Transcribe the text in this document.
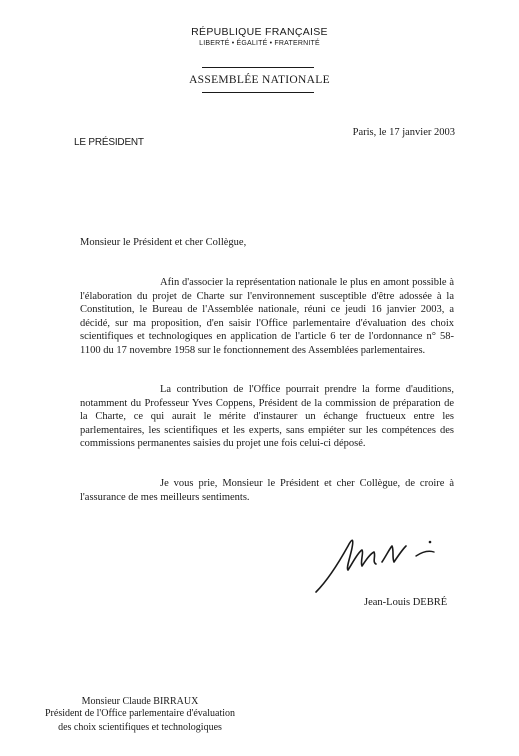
RÉPUBLIQUE FRANÇAISE
LIBERTÉ • ÉGALITÉ • FRATERNITÉ
ASSEMBLÉE NATIONALE
LE PRÉSIDENT
Paris, le 17 janvier 2003
Monsieur le Président et cher Collègue,

Afin d'associer la représentation nationale le plus en amont possible à l'élaboration du projet de Charte sur l'environnement susceptible d'être adossée à la Constitution, le Bureau de l'Assemblée nationale, réuni ce jeudi 16 janvier 2003, a décidé, sur ma proposition, d'en saisir l'Office parlementaire d'évaluation des choix scientifiques et technologiques en application de l'article 6 ter de l'ordonnance n° 58-1100 du 17 novembre 1958 sur le fonctionnement des Assemblées parlementaires.

La contribution de l'Office pourrait prendre la forme d'auditions, notamment du Professeur Yves Coppens, Président de la commission de préparation de la Charte, ce qui aurait le mérite d'instaurer un échange fructueux entre les parlementaires, les scientifiques et les experts, sans empiéter sur les compétences des commissions permanentes saisies du projet une fois celui-ci déposé.

Je vous prie, Monsieur le Président et cher Collègue, de croire à l'assurance de mes meilleurs sentiments.

Jean-Louis DEBRÉ
Monsieur Claude BIRRAUX
Président de l'Office parlementaire d'évaluation
des choix scientifiques et technologiques
